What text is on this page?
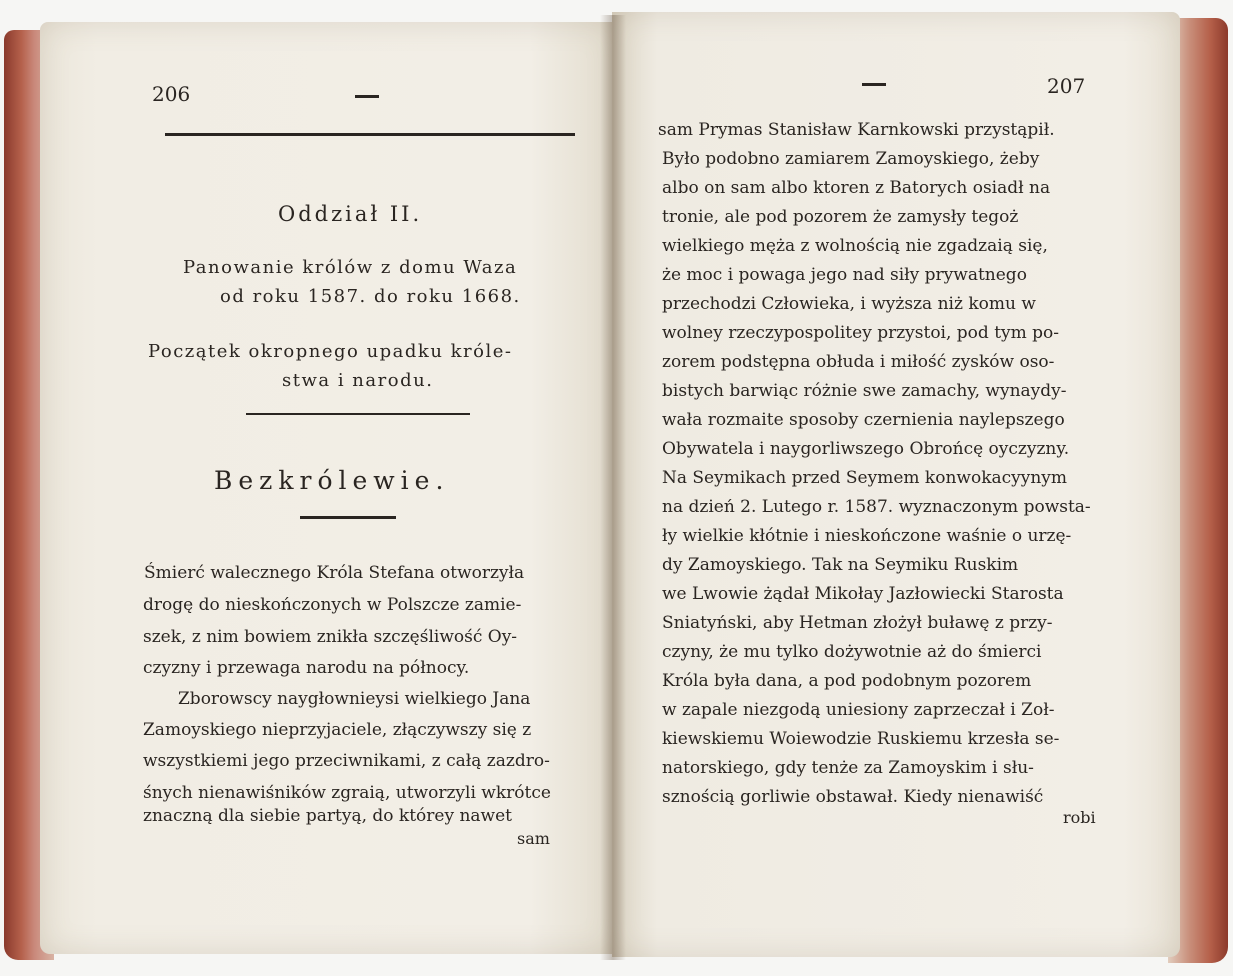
206
Oddział II.
Panowanie królów z domu Waza
od roku 1587. do roku 1668.
Początek okropnego upadku króle-
stwa i narodu.
Bezkrólewie.
Śmierć walecznego Króla Stefana otworzyła
drogę do nieskończonych w Polszcze zamie-
szek, z nim bowiem znikła szczęśliwość Oy-
czyzny i przewaga narodu na północy.
Zborowscy naygłownieysi wielkiego Jana
Zamoyskiego nieprzyjaciele, złączywszy się z
wszystkiemi jego przeciwnikami, z całą zazdro-
śnych nienawiśników zgraią, utworzyli wkrótce
znaczną dla siebie partyą, do którey nawet
sam
207
sam Prymas Stanisław Karnkowski przystąpił.
Było podobno zamiarem Zamoyskiego, żeby
albo on sam albo ktoren z Batorych osiadł na
tronie, ale pod pozorem że zamysły tegoż
wielkiego męża z wolnością nie zgadzaią się,
że moc i powaga jego nad siły prywatnego
przechodzi Człowieka, i wyższa niż komu w
wolney rzeczypospolitey przystoi, pod tym po-
zorem podstępna obłuda i miłość zysków oso-
bistych barwiąc różnie swe zamachy, wynaydy-
wała rozmaite sposoby czernienia naylepszego
Obywatela i naygorliwszego Obrońcę oyczyzny.
Na Seymikach przed Seymem konwokacyynym
na dzień 2. Lutego r. 1587. wyznaczonym powsta-
ły wielkie kłótnie i nieskończone waśnie o urzę-
dy Zamoyskiego. Tak na Seymiku Ruskim
we Lwowie żądał Mikołay Jazłowiecki Starosta
Sniatyński, aby Hetman złożył buławę z przy-
czyny, że mu tylko dożywotnie aż do śmierci
Króla była dana, a pod podobnym pozorem
w zapale niezgodą uniesiony zaprzeczał i Zoł-
kiewskiemu Woiewodzie Ruskiemu krzesła se-
natorskiego, gdy tenże za Zamoyskim i słu-
sznością gorliwie obstawał. Kiedy nienawiść
robi
